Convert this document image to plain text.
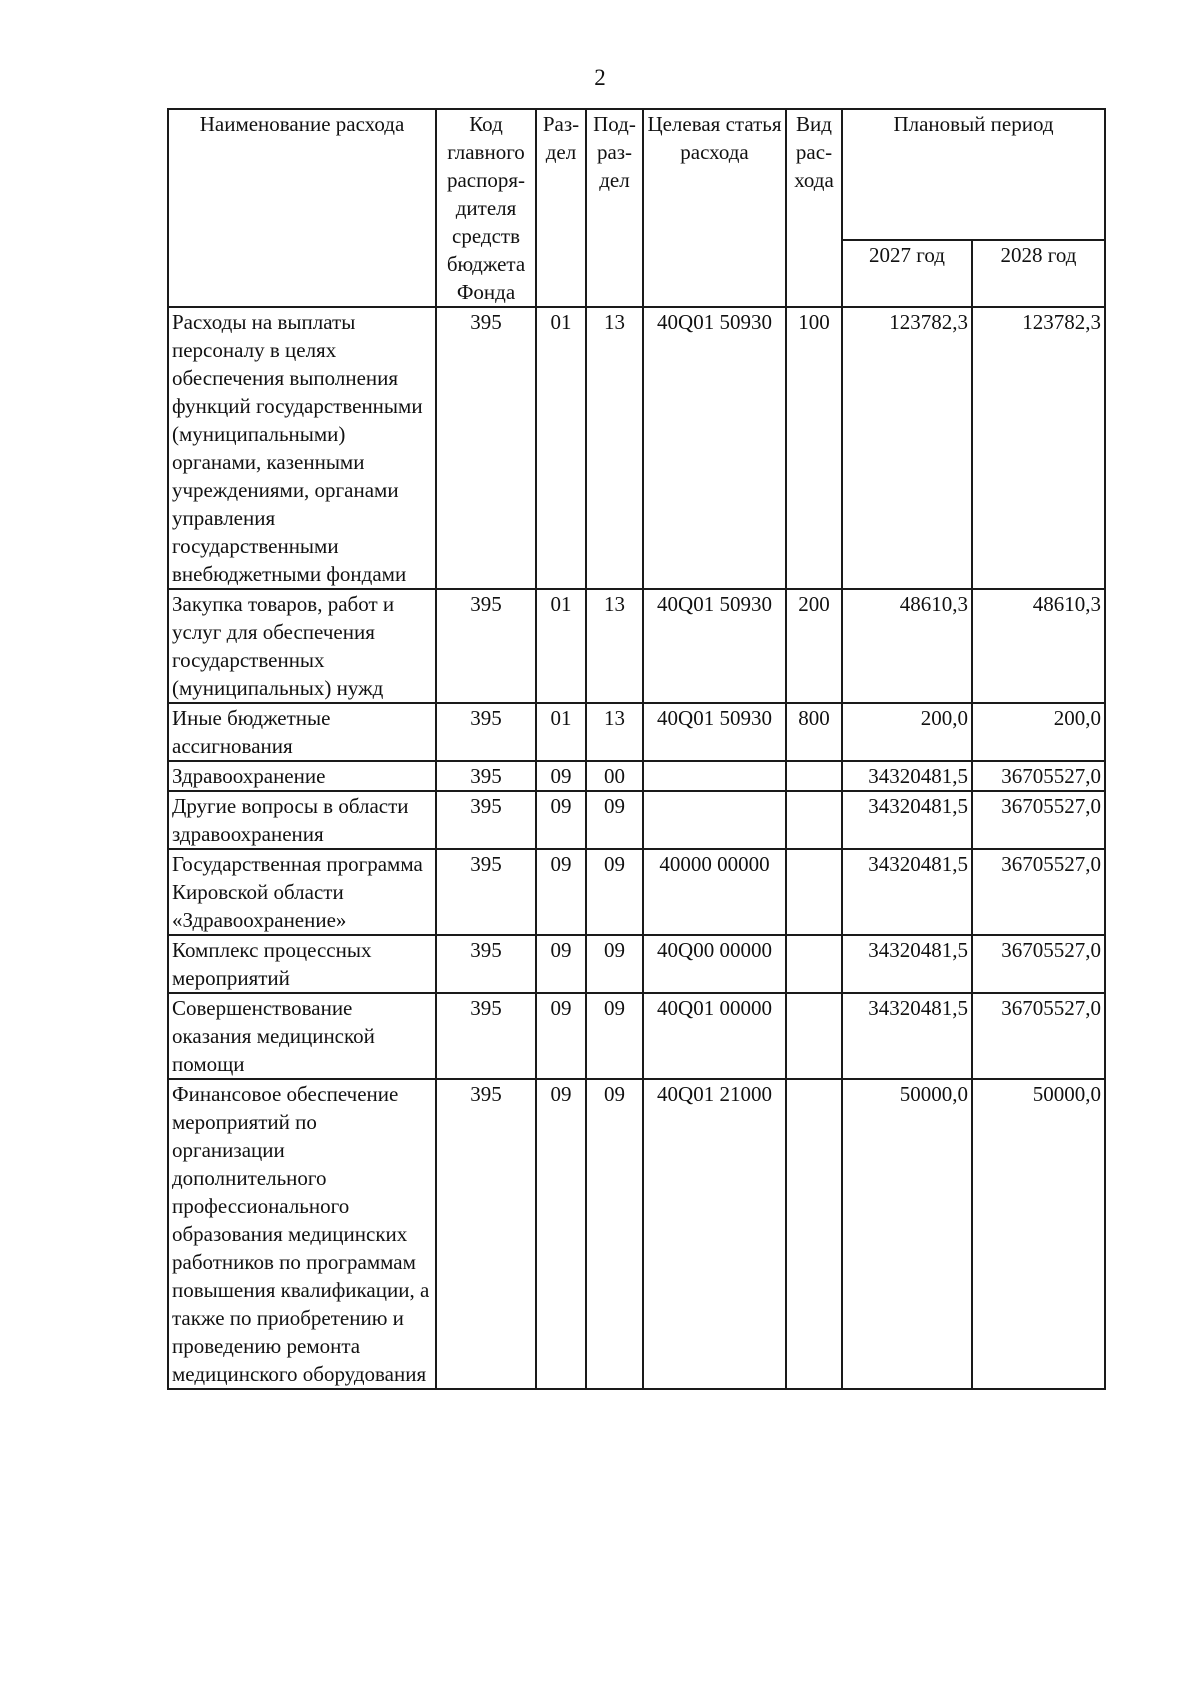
2
Наименование расхода	Код главного распоря-дителя средств бюджета Фонда	Раз-дел	Под-раз-дел	Целевая статья расхода	Вид рас-хода	Плановый период	
						2027 год	2028 год
Расходы на выплаты персоналу в целях обеспечения выполнения функций государственными (муниципальными) органами, казенными учреждениями, органами управления государственными внебюджетными фондами	395	01	13	40Q01 50930	100	123782,3	123782,3
Закупка товаров, работ и услуг для обеспечения государственных (муниципальных) нужд	395	01	13	40Q01 50930	200	48610,3	48610,3
Иные бюджетные ассигнования	395	01	13	40Q01 50930	800	200,0	200,0
Здравоохранение	395	09	00			34320481,5	36705527,0
Другие вопросы в области здравоохранения	395	09	09			34320481,5	36705527,0
Государственная программа Кировской области «Здравоохранение»	395	09	09	40000 00000		34320481,5	36705527,0
Комплекс процессных мероприятий	395	09	09	40Q00 00000		34320481,5	36705527,0
Совершенствование оказания медицинской помощи	395	09	09	40Q01 00000		34320481,5	36705527,0
Финансовое обеспечение мероприятий по организации дополнительного профессионального образования медицинских работников по программам повышения квалификации, а также по приобретению и проведению ремонта медицинского оборудования	395	09	09	40Q01 21000		50000,0	50000,0
